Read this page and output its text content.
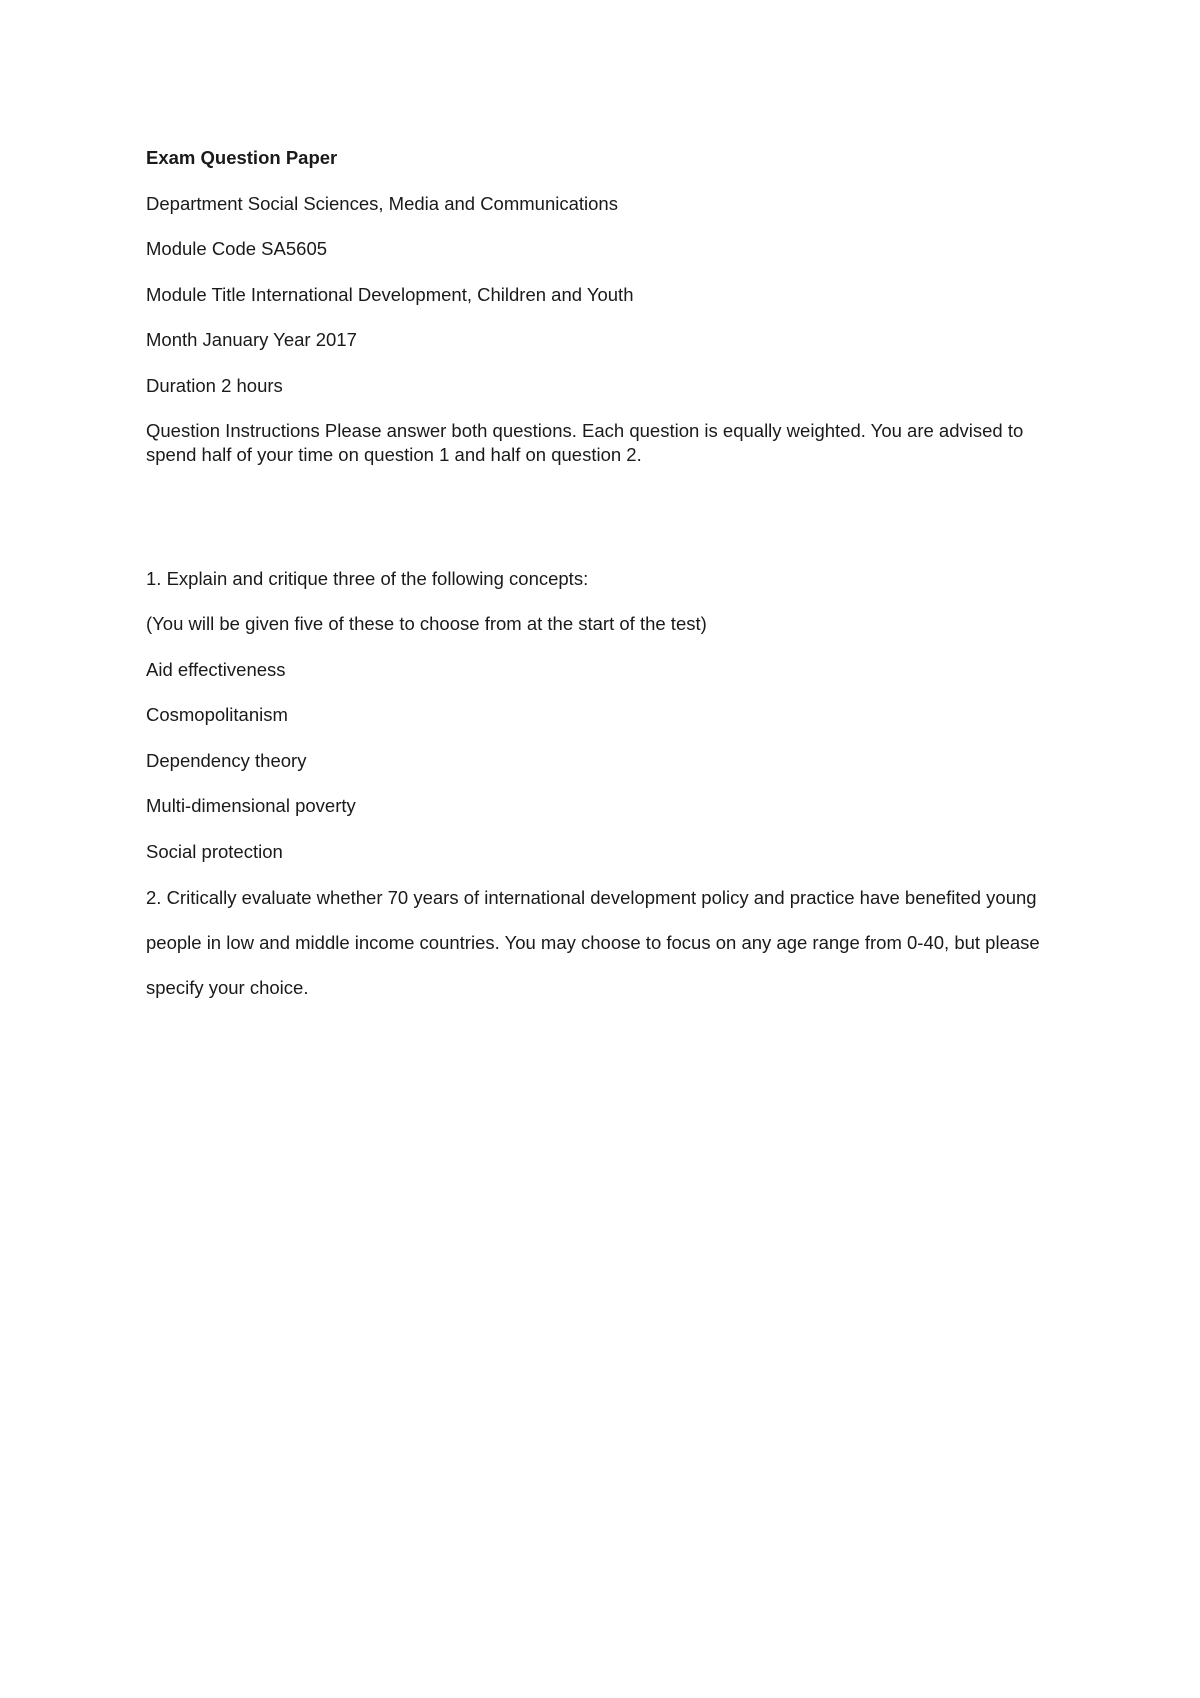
Exam Question Paper

Department Social Sciences, Media and Communications

Module Code SA5605

Module Title International Development, Children and Youth

Month January Year 2017

Duration 2 hours

Question Instructions Please answer both questions. Each question is equally weighted. You are advised to spend half of your time on question 1 and half on question 2.

1. Explain and critique three of the following concepts:

(You will be given five of these to choose from at the start of the test)

Aid effectiveness

Cosmopolitanism

Dependency theory

Multi-dimensional poverty

Social protection

2. Critically evaluate whether 70 years of international development policy and practice have benefited young people in low and middle income countries. You may choose to focus on any age range from 0-40, but please specify your choice.
